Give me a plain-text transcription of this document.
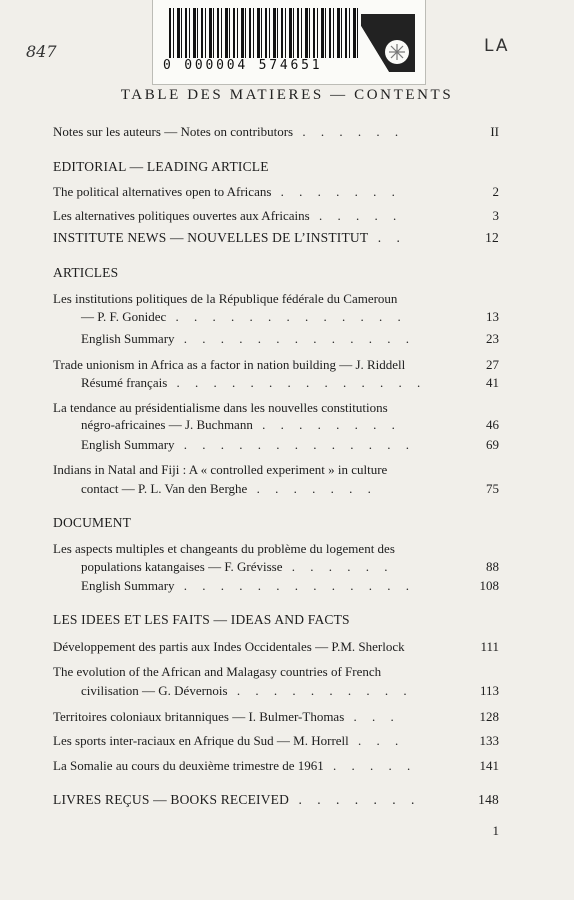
0 000004 574651
847	LA
TABLE DES MATIERES — CONTENTS
Notes sur les auteurs — Notes on contributors . . . . . .	II
EDITORIAL — LEADING ARTICLE
The political alternatives open to Africans . . . . . . .	2
Les alternatives politiques ouvertes aux Africains . . . . .	3
INSTITUTE NEWS — NOUVELLES DE L’INSTITUT . .	12
ARTICLES
Les institutions politiques de la République fédérale du Cameroun
— P. F. Gonidec . . . . . . . . . . . . .	13
English Summary . . . . . . . . . . . . .	23
Trade unionism in Africa as a factor in nation building — J. Riddell	27
Résumé français . . . . . . . . . . . . . .	41
La tendance au présidentialisme dans les nouvelles constitutions
négro-africaines — J. Buchmann . . . . . . . .	46
English Summary . . . . . . . . . . . . .	69
Indians in Natal and Fiji : A « controlled experiment » in culture
contact — P. L. Van den Berghe . . . . . . .	75
DOCUMENT
Les aspects multiples et changeants du problème du logement des
populations katangaises — F. Grévisse . . . . . .	88
English Summary . . . . . . . . . . . . .	108
LES IDEES ET LES FAITS — IDEAS AND FACTS
Développement des partis aux Indes Occidentales — P.M. Sherlock	111
The evolution of the African and Malagasy countries of French
civilisation — G. Dévernois . . . . . . . . . .	113
Territoires coloniaux britanniques — I. Bulmer-Thomas . . .	128
Les sports inter-raciaux en Afrique du Sud — M. Horrell . . .	133
La Somalie au cours du deuxième trimestre de 1961 . . . . .	141
LIVRES REÇUS — BOOKS RECEIVED . . . . . . .	148
1
